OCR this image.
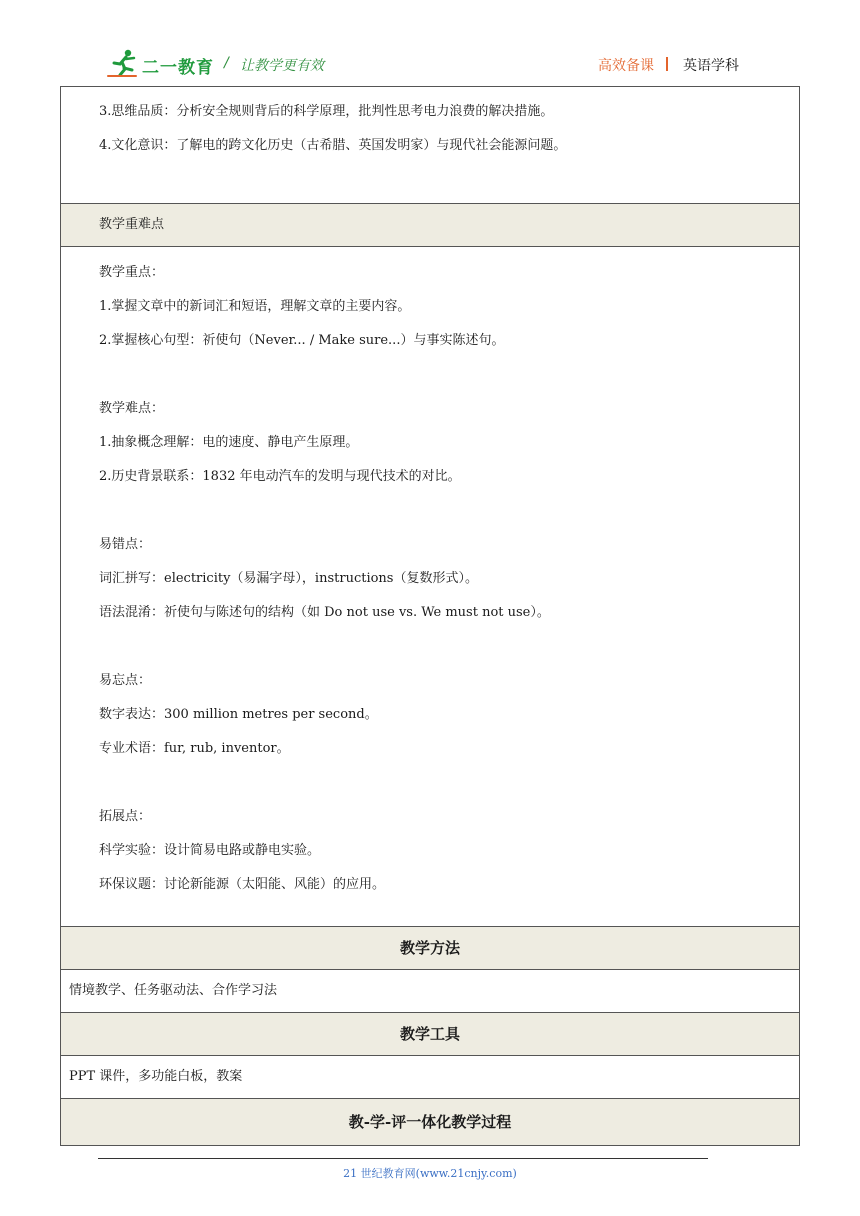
二一教育 / 让教学更有效	高效备课 英语学科
3.思维品质：分析安全规则背后的科学原理，批判性思考电力浪费的解决措施。
4.文化意识：了解电的跨文化历史（古希腊、英国发明家）与现代社会能源问题。
教学重难点
教学重点：
1.掌握文章中的新词汇和短语，理解文章的主要内容。
2.掌握核心句型：祈使句（Never... / Make sure...）与事实陈述句。
教学难点：
1.抽象概念理解：电的速度、静电产生原理。
2.历史背景联系：1832 年电动汽车的发明与现代技术的对比。
易错点：
词汇拼写：electricity（易漏字母），instructions（复数形式）。
语法混淆：祈使句与陈述句的结构（如 Do not use vs. We must not use）。
易忘点：
数字表达：300 million metres per second。
专业术语：fur, rub, inventor。
拓展点：
科学实验：设计简易电路或静电实验。
环保议题：讨论新能源（太阳能、风能）的应用。
教学方法
情境教学、任务驱动法、合作学习法
教学工具
PPT 课件，多功能白板，教案
教-学-评一体化教学过程
21 世纪教育网(www.21cnjy.com)
